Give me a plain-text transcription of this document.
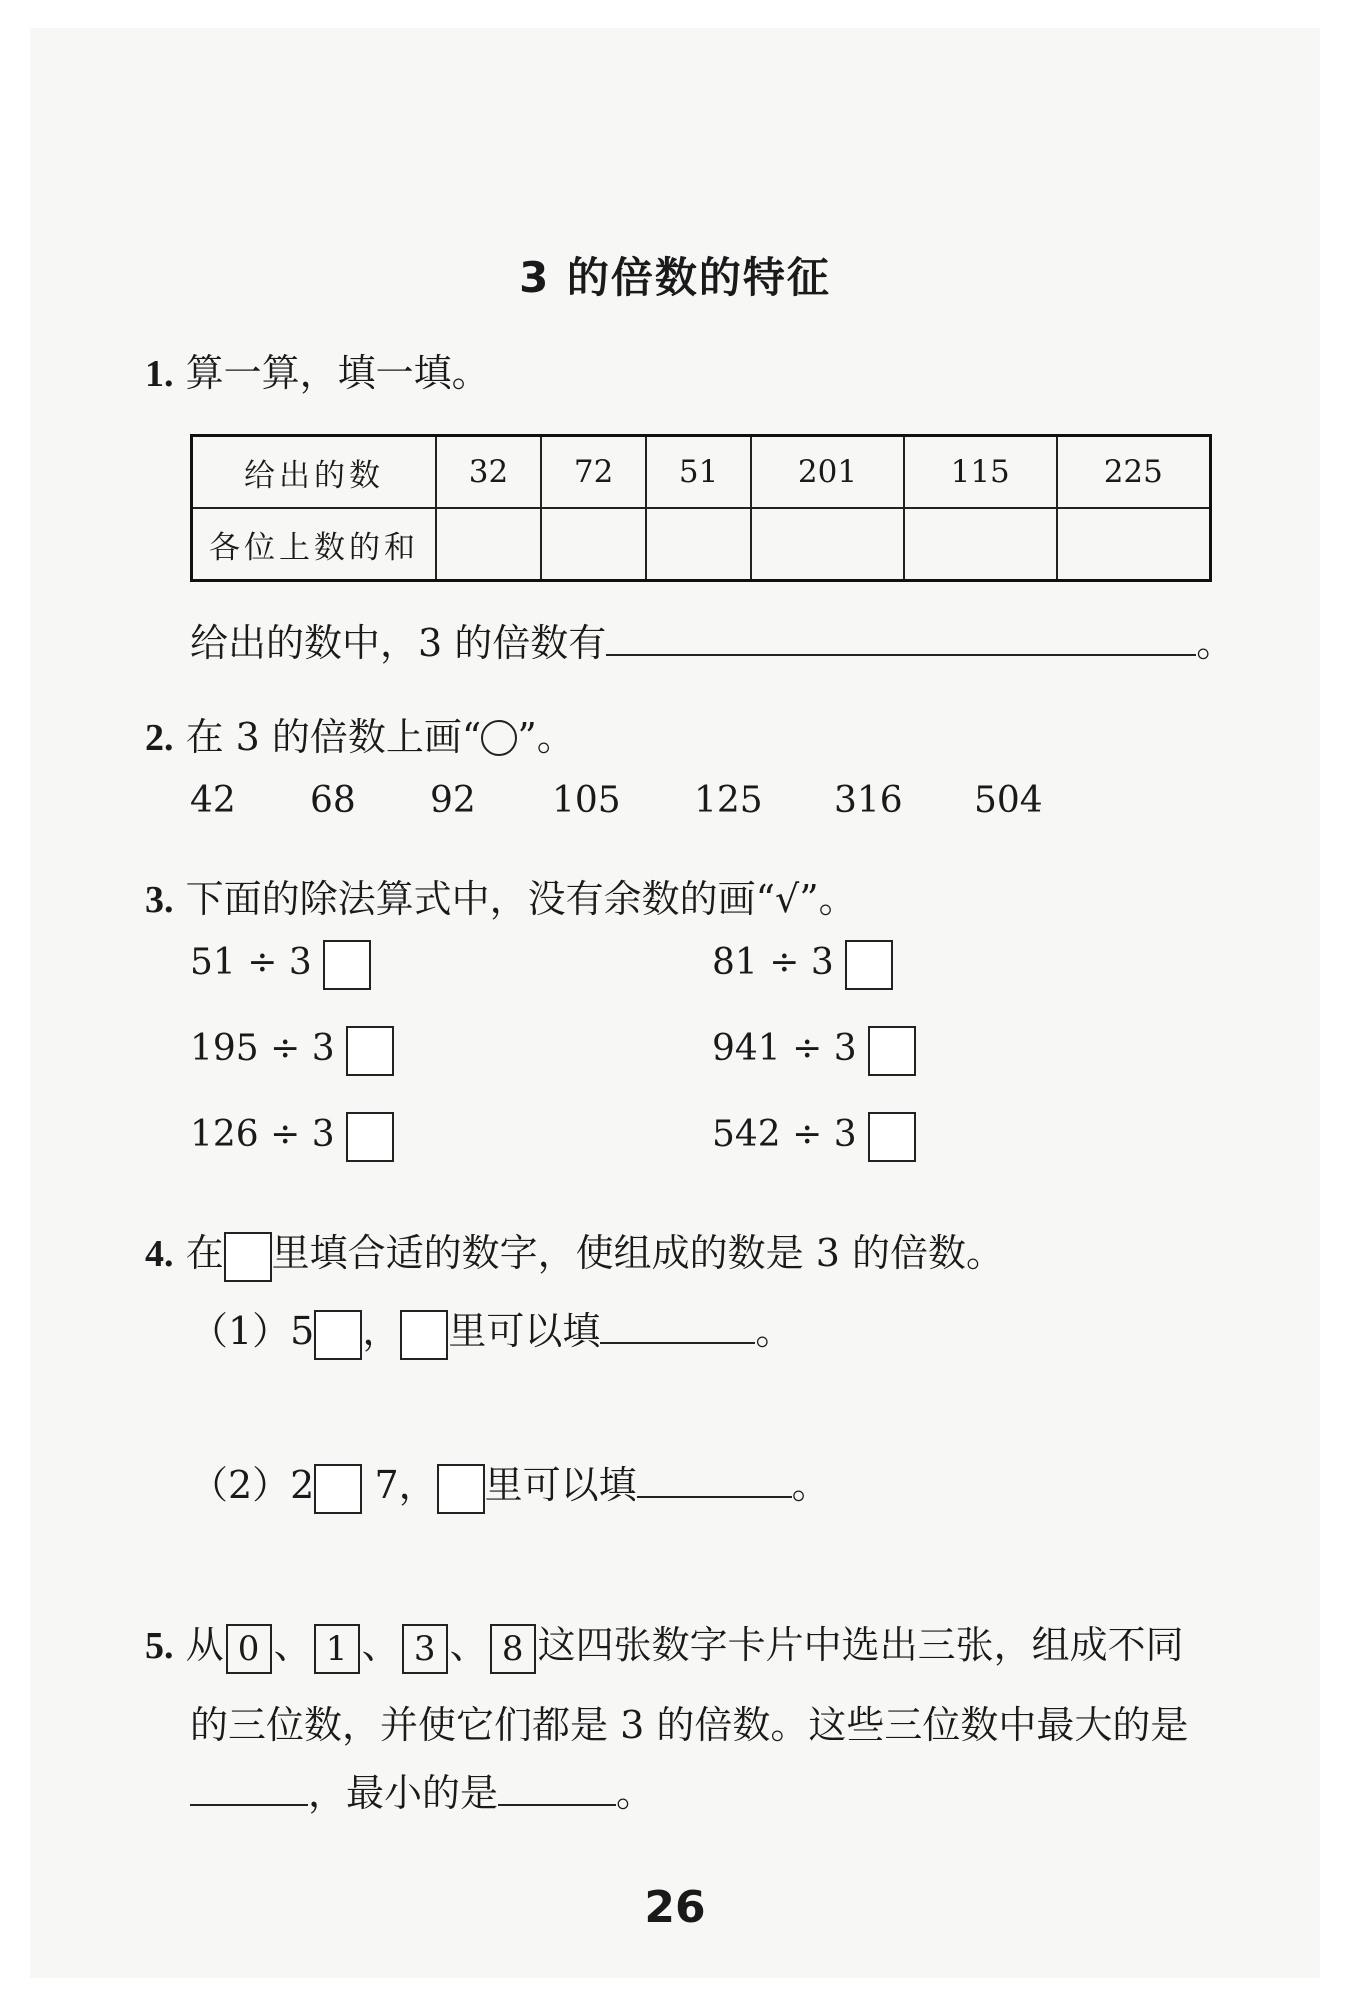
3 的倍数的特征
1. 算一算，填一填。
给出的数	32	72	51	201	115	225
各位上数的和						
给出的数中，3 的倍数有	。
2. 在 3 的倍数上画“ ”。
42 68 92 105 125 316 504
3. 下面的除法算式中，没有余数的画“√”。
51 ÷ 3	81 ÷ 3
195 ÷ 3	941 ÷ 3
126 ÷ 3	542 ÷ 3
4. 在 里填合适的数字，使组成的数是 3 的倍数。
（1）5 ， 里可以填	。
（2）2 7， 里可以填	。
5. 从 0 、 1 、 3 、 8 这四张数字卡片中选出三张，组成不同
的三位数，并使它们都是 3 的倍数。这些三位数中最大的是
，最小的是	。
26
